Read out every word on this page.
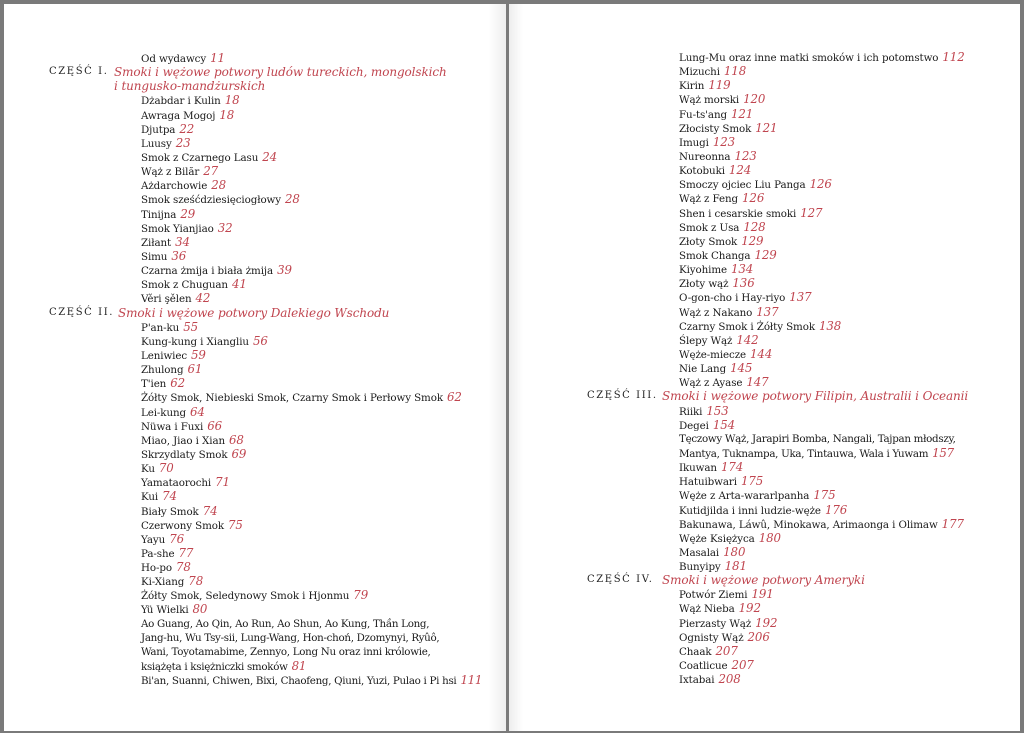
Od wydawcy 11
CZĘŚĆ I. Smoki i wężowe potwory ludów tureckich, mongolskich
i tungusko-mandżurskich
Dżabdar i Kulin 18
Awraga Mogoj 18
Djutpa 22
Luusy 23
Smok z Czarnego Lasu 24
Wąż z Bilăr 27
Ażdarchowie 28
Smok sześćdziesięciogłowy 28
Tinijna 29
Smok Yianjiao 32
Ziłant 34
Simu 36
Czarna żmija i biała żmija 39
Smok z Chuguan 41
Věri şělen 42
CZĘŚĆ II. Smoki i wężowe potwory Dalekiego Wschodu
P'an-ku 55
Kung-kung i Xiangliu 56
Leniwiec 59
Zhulong 61
T'ien 62
Żółty Smok, Niebieski Smok, Czarny Smok i Perłowy Smok 62
Lei-kung 64
Nüwa i Fuxi 66
Miao, Jiao i Xian 68
Skrzydlaty Smok 69
Ku 70
Yamataorochi 71
Kui 74
Biały Smok 74
Czerwony Smok 75
Yayu 76
Pa-she 77
Ho-po 78
Ki-Xiang 78
Żółty Smok, Seledynowy Smok i Hjonmu 79
Yü Wielki 80
Ao Guang, Ao Qin, Ao Run, Ao Shun, Ao Kung, Thần Long,
Jang-hu, Wu Tsy-sii, Lung-Wang, Hon-choń, Dzomynyi, Ryûô,
Wani, Toyotamabime, Zennyo, Long Nu oraz inni królowie,
książęta i księżniczki smoków 81
Bi'an, Suanni, Chiwen, Bixi, Chaofeng, Qiuni, Yuzi, Pulao i Pi hsi 111
Lung-Mu oraz inne matki smoków i ich potomstwo 112
Mizuchi 118
Kirin 119
Wąż morski 120
Fu-ts'ang 121
Złocisty Smok 121
Imugi 123
Nureonna 123
Kotobuki 124
Smoczy ojciec Liu Panga 126
Wąż z Feng 126
Shen i cesarskie smoki 127
Smok z Usa 128
Złoty Smok 129
Smok Changa 129
Kiyohime 134
Złoty wąż 136
O-gon-cho i Hay-riyo 137
Wąż z Nakano 137
Czarny Smok i Żółty Smok 138
Ślepy Wąż 142
Węże-miecze 144
Nie Lang 145
Wąż z Ayase 147
CZĘŚĆ III. Smoki i wężowe potwory Filipin, Australii i Oceanii
Riiki 153
Degei 154
Tęczowy Wąż, Jarapiri Bomba, Nangali, Tajpan młodszy,
Mantya, Tuknampa, Uka, Tintauwa, Wala i Yuwam 157
Ikuwan 174
Hatuibwari 175
Węże z Arta-wararlpanha 175
Kutidjilda i inni ludzie-węże 176
Bakunawa, Láwû, Minokawa, Arimaonga i Olimaw 177
Węże Księżyca 180
Masalai 180
Bunyipy 181
CZĘŚĆ IV. Smoki i wężowe potwory Ameryki
Potwór Ziemi 191
Wąż Nieba 192
Pierzasty Wąż 192
Ognisty Wąż 206
Chaak 207
Coatlicue 207
Ixtabai 208
